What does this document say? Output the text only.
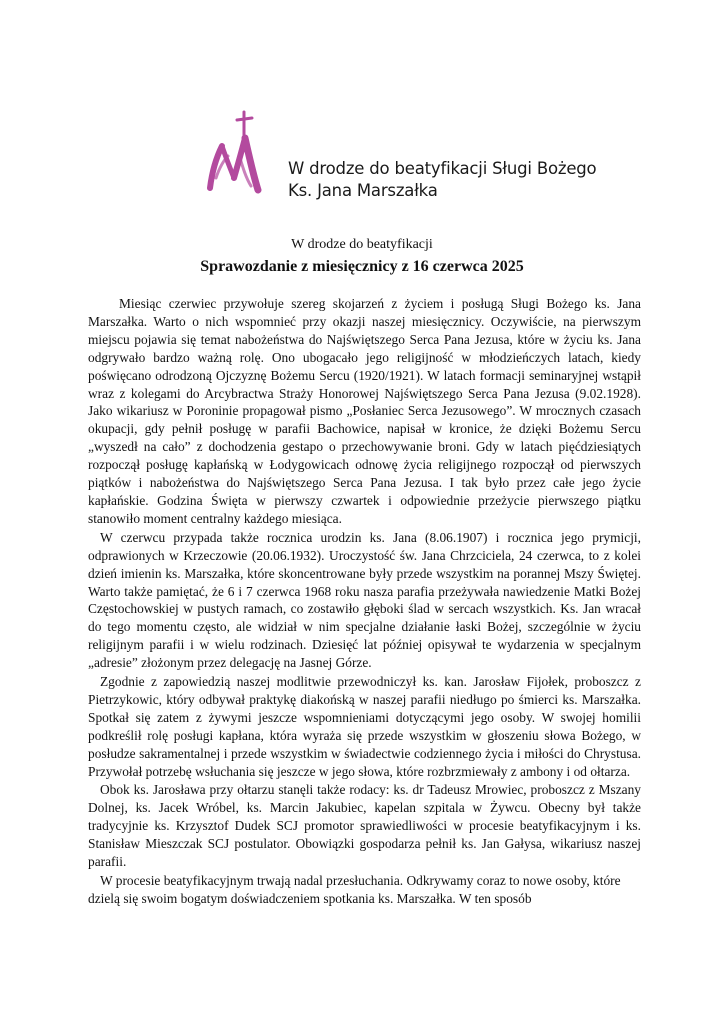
W drodze do beatyfikacji Sługi Bożego
Ks. Jana Marszałka
W drodze do beatyfikacji
Sprawozdanie z miesięcznicy z 16 czerwca 2025

Miesiąc czerwiec przywołuje szereg skojarzeń z życiem i posługą Sługi Bożego ks. Jana Marszałka. Warto o nich wspomnieć przy okazji naszej miesięcznicy. Oczywiście, na pierwszym miejscu pojawia się temat nabożeństwa do Najświętszego Serca Pana Jezusa, które w życiu ks. Jana odgrywało bardzo ważną rolę. Ono ubogacało jego religijność w młodzieńczych latach, kiedy poświęcano odrodzoną Ojczyznę Bożemu Sercu (1920/1921). W latach formacji seminaryjnej wstąpił wraz z kolegami do Arcybractwa Straży Honorowej Najświętszego Serca Pana Jezusa (9.02.1928). Jako wikariusz w Poroninie propagował pismo „Posłaniec Serca Jezusowego”. W mrocznych czasach okupacji, gdy pełnił posługę w parafii Bachowice, napisał w kronice, że dzięki Bożemu Sercu „wyszedł na cało” z dochodzenia gestapo o przechowywanie broni. Gdy w latach pięćdziesiątych rozpoczął posługę kapłańską w Łodygowicach odnowę życia religijnego rozpoczął od pierwszych piątków i nabożeństwa do Najświętszego Serca Pana Jezusa. I tak było przez całe jego życie kapłańskie. Godzina Święta w pierwszy czwartek i odpowiednie przeżycie pierwszego piątku stanowiło moment centralny każdego miesiąca.

W czerwcu przypada także rocznica urodzin ks. Jana (8.06.1907) i rocznica jego prymicji, odprawionych w Krzeczowie (20.06.1932). Uroczystość św. Jana Chrzciciela, 24 czerwca, to z kolei dzień imienin ks. Marszałka, które skoncentrowane były przede wszystkim na porannej Mszy Świętej. Warto także pamiętać, że 6 i 7 czerwca 1968 roku nasza parafia przeżywała nawiedzenie Matki Bożej Częstochowskiej w pustych ramach, co zostawiło głęboki ślad w sercach wszystkich. Ks. Jan wracał do tego momentu często, ale widział w nim specjalne działanie łaski Bożej, szczególnie w życiu religijnym parafii i w wielu rodzinach. Dziesięć lat później opisywał te wydarzenia w specjalnym „adresie” złożonym przez delegację na Jasnej Górze.

Zgodnie z zapowiedzią naszej modlitwie przewodniczył ks. kan. Jarosław Fijołek, proboszcz z Pietrzykowic, który odbywał praktykę diakońską w naszej parafii niedługo po śmierci ks. Marszałka. Spotkał się zatem z żywymi jeszcze wspomnieniami dotyczącymi jego osoby. W swojej homilii podkreślił rolę posługi kapłana, która wyraża się przede wszystkim w głoszeniu słowa Bożego, w posłudze sakramentalnej i przede wszystkim w świadectwie codziennego życia i miłości do Chrystusa. Przywołał potrzebę wsłuchania się jeszcze w jego słowa, które rozbrzmiewały z ambony i od ołtarza.

Obok ks. Jarosława przy ołtarzu stanęli także rodacy: ks. dr Tadeusz Mrowiec, proboszcz z Mszany Dolnej, ks. Jacek Wróbel, ks. Marcin Jakubiec, kapelan szpitala w Żywcu. Obecny był także tradycyjnie ks. Krzysztof Dudek SCJ promotor sprawiedliwości w procesie beatyfikacyjnym i ks. Stanisław Mieszczak SCJ postulator. Obowiązki gospodarza pełnił ks. Jan Gałysa, wikariusz naszej parafii.

W procesie beatyfikacyjnym trwają nadal przesłuchania. Odkrywamy coraz to nowe osoby, które dzielą się swoim bogatym doświadczeniem spotkania ks. Marszałka. W ten sposób
